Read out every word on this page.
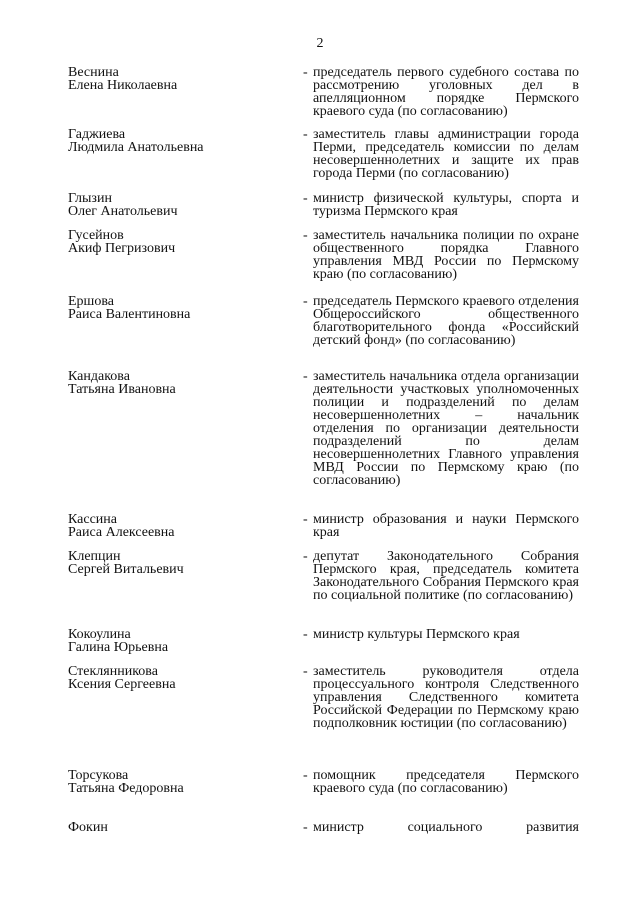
2
Веснина
Елена Николаевна
- председатель первого судебного состава по рассмотрению уголовных дел в апелляционном порядке Пермского краевого суда (по согласованию)
Гаджиева
Людмила Анатольевна
- заместитель главы администрации города Перми, председатель комиссии по делам несовершеннолетних и защите их прав города Перми (по согласованию)
Глызин
Олег Анатольевич
- министр физической культуры, спорта и туризма Пермского края
Гусейнов
Акиф Пегризович
- заместитель начальника полиции по охране общественного порядка Главного управления МВД России по Пермскому краю (по согласованию)
Ершова
Раиса Валентиновна
- председатель Пермского краевого отделения Общероссийского общественного благотворительного фонда «Российский детский фонд» (по согласованию)
Кандакова
Татьяна Ивановна
- заместитель начальника отдела организации деятельности участковых уполномоченных полиции и подразделений по делам несовершеннолетних – начальник отделения по организации деятельности подразделений по делам несовершеннолетних Главного управления МВД России по Пермскому краю (по согласованию)
Кассина
Раиса Алексеевна
- министр образования и науки Пермского края
Клепцин
Сергей Витальевич
- депутат Законодательного Собрания Пермского края, председатель комитета Законодательного Собрания Пермского края по социальной политике (по согласованию)
Кокоулина
Галина Юрьевна
- министр культуры Пермского края
Стеклянникова
Ксения Сергеевна
- заместитель руководителя отдела процессуального контроля Следственного управления Следственного комитета Российской Федерации по Пермскому краю подполковник юстиции (по согласованию)
Торсукова
Татьяна Федоровна
- помощник председателя Пермского краевого суда (по согласованию)
Фокин	- министр социального развития
